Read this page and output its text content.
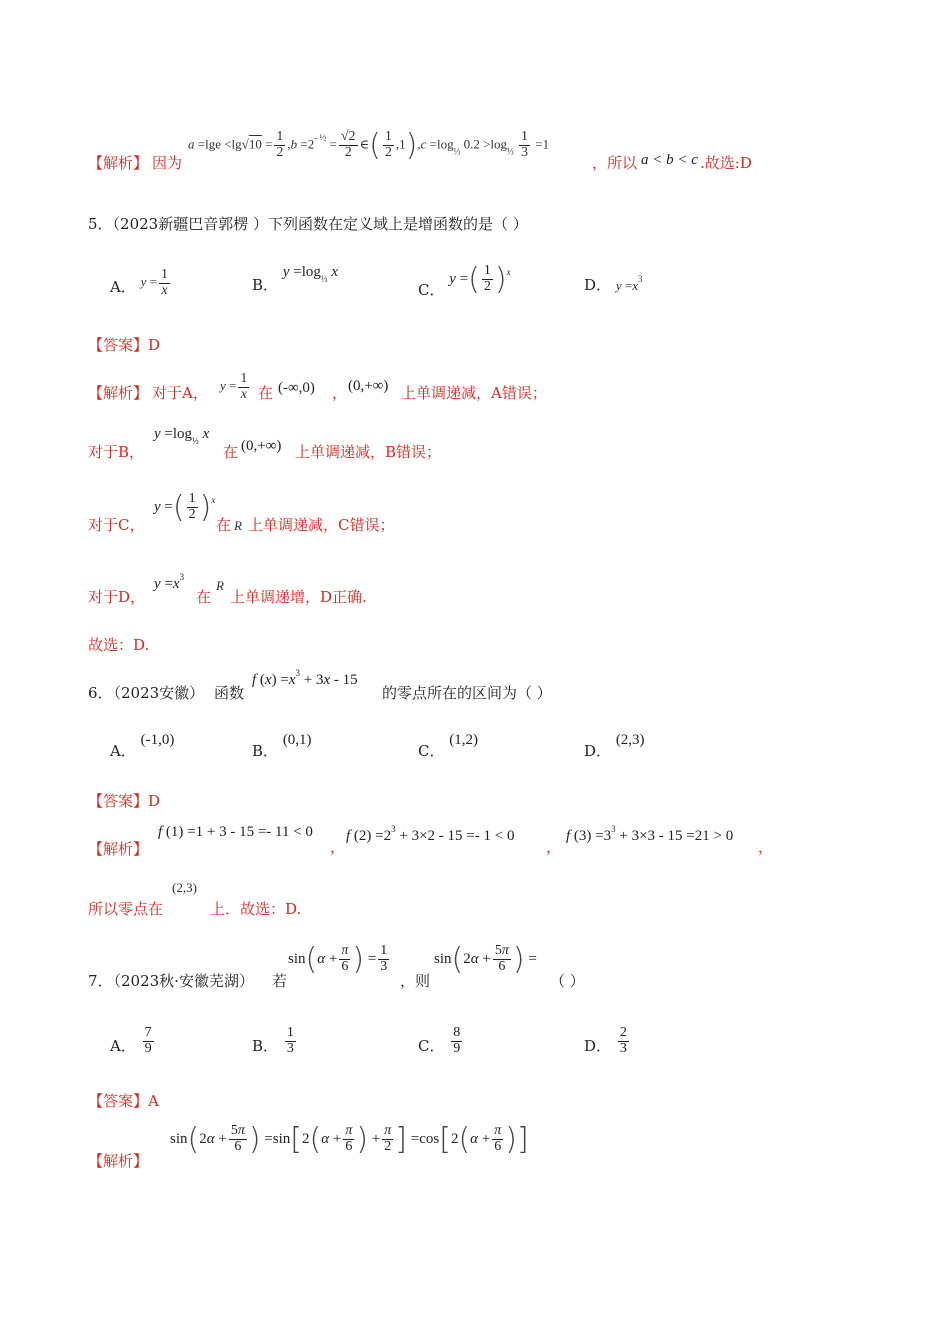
【解析】 因为
$a =\lg e <\lg√10 = \frac{1}{2} ,b =2^{- \frac{1}{2}} = \frac{√2}{2}$ ∈( $\frac{1}{2} ,1),c =\log_{\frac{1}{3}}$ $0.2 >\log_{\frac{1}{3}} \frac{1}{3} =1$
，所以 a < b < c .故选:D
5．（2023新疆巴音郭楞 ）下列函数在定义域上是增函数的是（ ）
A． $y = \frac{1}{x}$	B． $y =\log_{\frac{1}{3}}$ x
C． y =( $\frac{1}{2} )^x$
D． $y =x^3$
【答案】D
【解析】 对于A， $y = \frac{1}{x}$ 在 (-∞,0) ， (0,+∞) 上单调递减，A错误；
对于B，
$y =\log_{\frac{1}{3}}$ x
在 (0,+∞) 上单调递减，B错误；
对于C，
y =( $\frac{1}{2} )^x$
在 R 上单调递减，C错误；
对于D，
$y =x^3$
在
R
上单调递增，D正确.
故选：D.
6．
（2023安徽） 函数
f $(x) =x^3 + 3x - 15$
的零点所在的区间为（ ）
A． (-1,0)
B． (0,1)
C． (1,2)
D． (2,3)
【答案】D
【解析】
f (1) =1 + 3 - 15 =- 11 < 0
，
f $(2) =2^3 + 3\times 2 - 15 =- 1 < 0$
，
f $(3) =3^3 + 3\times 3 - 15 =21 > 0$
，
所以零点在
(2,3)
上．故选：D.
7．
（2023秋·安徽芜湖） 若
$\sin(\alpha + \frac{\pi}{6}$ ) = $\frac{1}{3}$
，则
$\sin(2\alpha + \frac{5\pi}{6}$ ) =
（ ）
A． $\frac{7}{9}$	B． $\frac{1}{3}$	C． $\frac{8}{9}$	D． $\frac{2}{3}$
【答案】A
【解析】
$\sin(2\alpha + \frac{5\pi}{6}$ ) $=\sin[2(\alpha + \frac{\pi}{6}$ ) + $\frac{\pi}{2}$ ] $=\cos[2(\alpha + \frac{\pi}{6}$ )]
